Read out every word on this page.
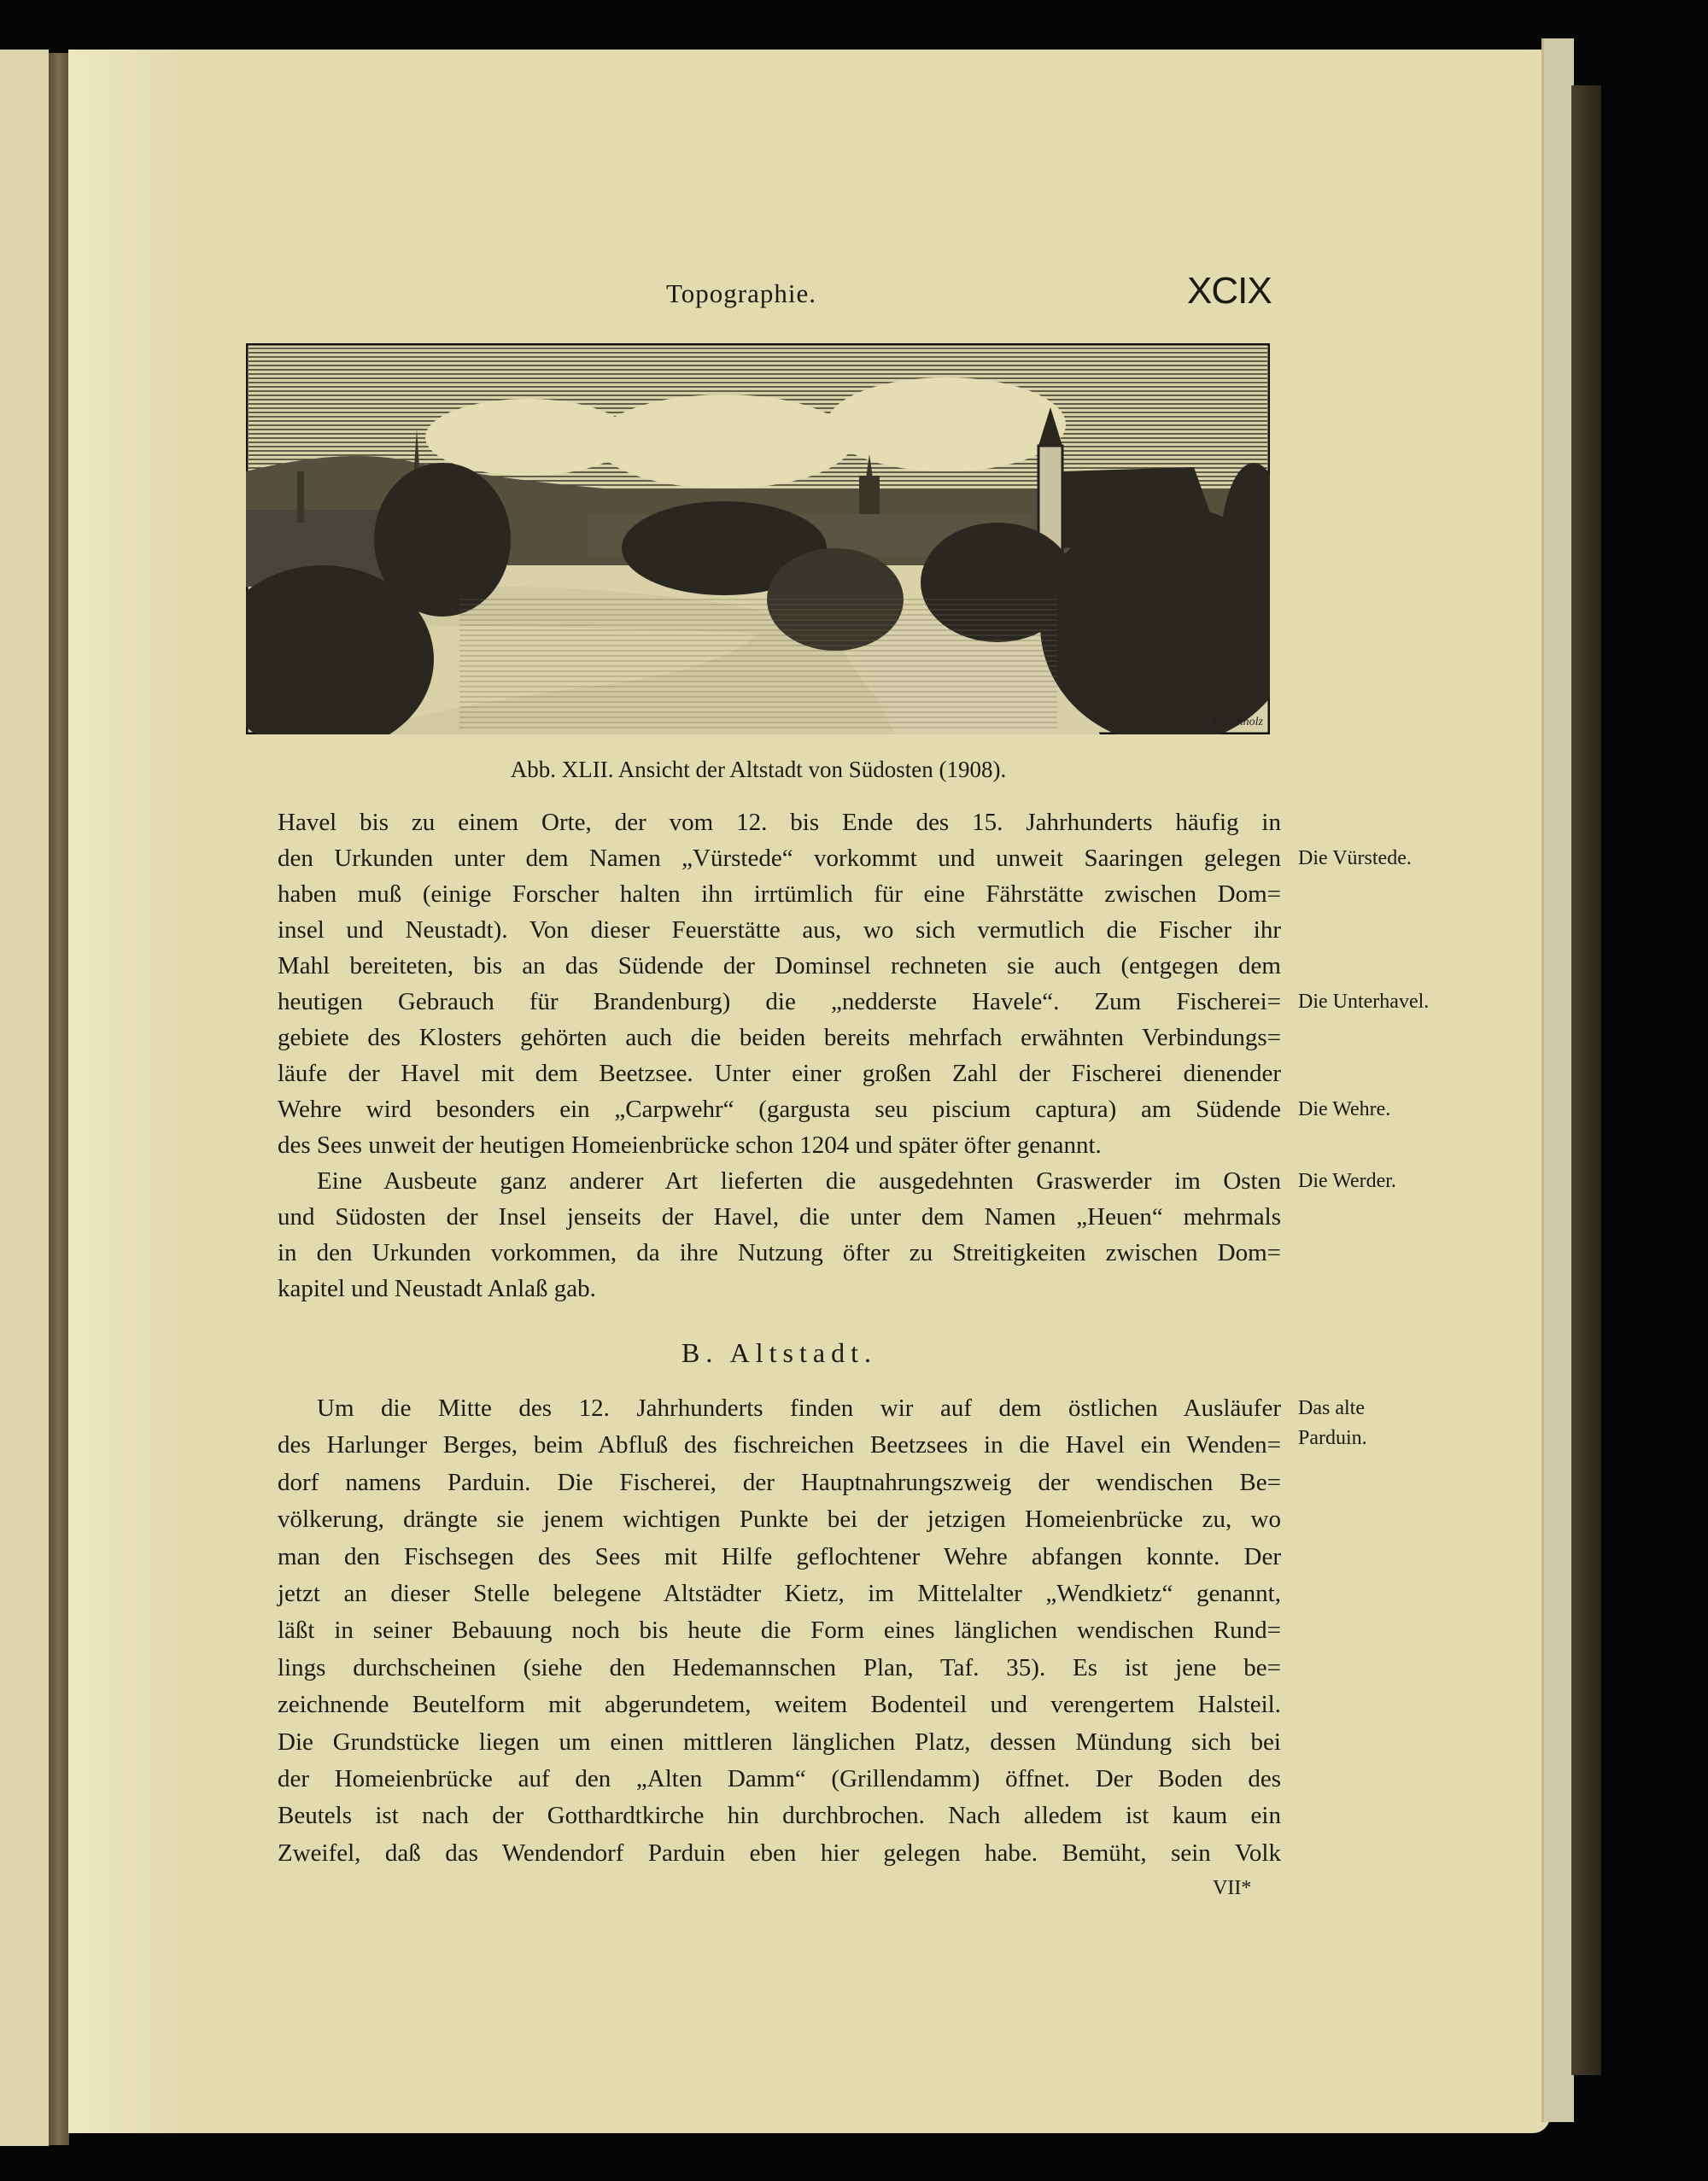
Topographie.	XCIX
P.Eichholz
Abb. XLII. Ansicht der Altstadt von Südosten (1908).
Havel bis zu einem Orte, der vom 12. bis Ende des 15. Jahrhunderts häufig in
den Urkunden unter dem Namen „Vürstede“ vorkommt und unweit Saaringen gelegen Die Vürstede.
haben muß (einige Forscher halten ihn irrtümlich für eine Fährstätte zwischen Dom=
insel und Neustadt). Von dieser Feuerstätte aus, wo sich vermutlich die Fischer ihr
Mahl bereiteten, bis an das Südende der Dominsel rechneten sie auch (entgegen dem
heutigen Gebrauch für Brandenburg) die „nedderste Havele“. Zum Fischerei= Die Unterhavel.
gebiete des Klosters gehörten auch die beiden bereits mehrfach erwähnten Verbindungs=
läufe der Havel mit dem Beetzsee. Unter einer großen Zahl der Fischerei dienender
Wehre wird besonders ein „Carpwehr“ (gargusta seu piscium captura) am Südende Die Wehre.
des Sees unweit der heutigen Homeienbrücke schon 1204 und später öfter genannt.
Eine Ausbeute ganz anderer Art lieferten die ausgedehnten Graswerder im Osten Die Werder.
und Südosten der Insel jenseits der Havel, die unter dem Namen „Heuen“ mehrmals
in den Urkunden vorkommen, da ihre Nutzung öfter zu Streitigkeiten zwischen Dom=
kapitel und Neustadt Anlaß gab.
B. Altstadt.
Um die Mitte des 12. Jahrhunderts finden wir auf dem östlichen Ausläufer Das alte
des Harlunger Berges, beim Abfluß des fischreichen Beetzsees in die Havel ein Wenden= Parduin.
dorf namens Parduin. Die Fischerei, der Hauptnahrungszweig der wendischen Be=
völkerung, drängte sie jenem wichtigen Punkte bei der jetzigen Homeienbrücke zu, wo
man den Fischsegen des Sees mit Hilfe geflochtener Wehre abfangen konnte. Der
jetzt an dieser Stelle belegene Altstädter Kietz, im Mittelalter „Wendkietz“ genannt,
läßt in seiner Bebauung noch bis heute die Form eines länglichen wendischen Rund=
lings durchscheinen (siehe den Hedemannschen Plan, Taf. 35). Es ist jene be=
zeichnende Beutelform mit abgerundetem, weitem Bodenteil und verengertem Halsteil.
Die Grundstücke liegen um einen mittleren länglichen Platz, dessen Mündung sich bei
der Homeienbrücke auf den „Alten Damm“ (Grillendamm) öffnet. Der Boden des
Beutels ist nach der Gotthardtkirche hin durchbrochen. Nach alledem ist kaum ein
Zweifel, daß das Wendendorf Parduin eben hier gelegen habe. Bemüht, sein Volk
VII*
